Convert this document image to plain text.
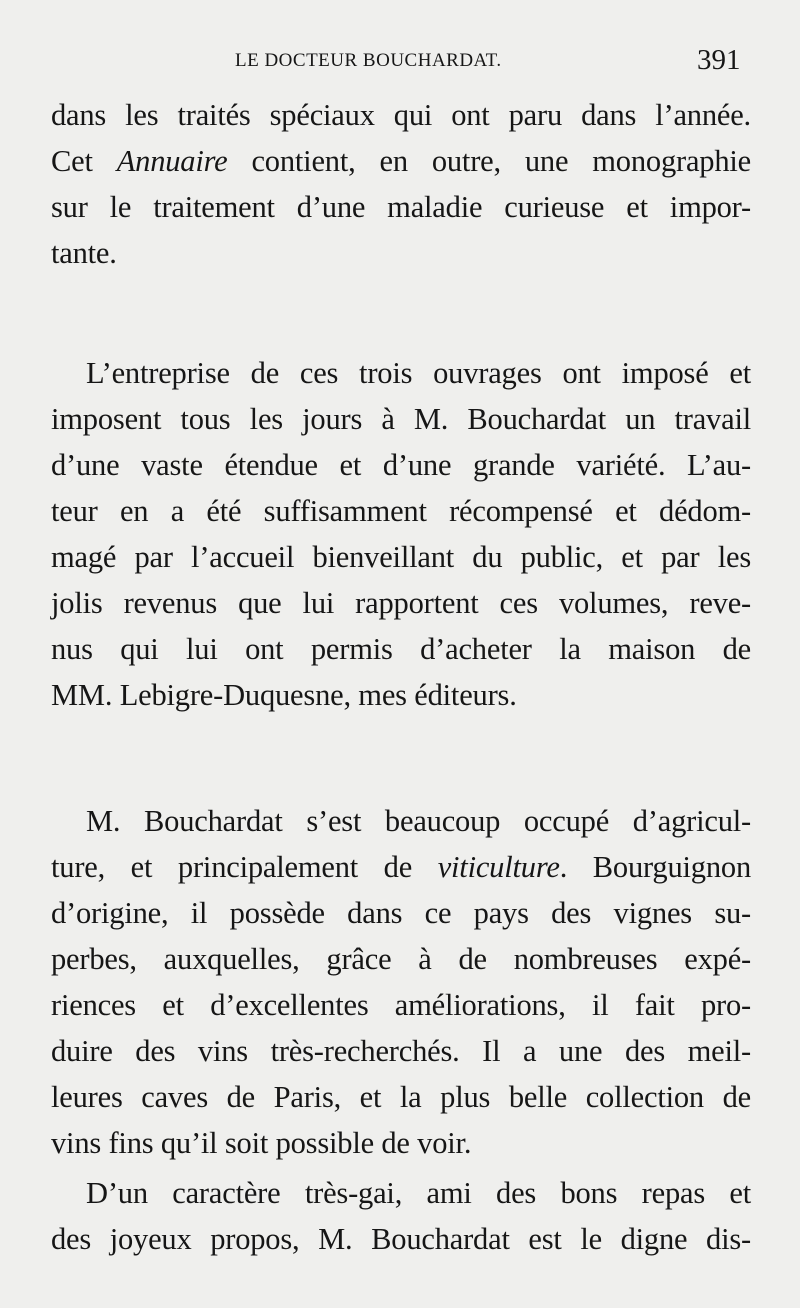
LE DOCTEUR BOUCHARDAT.	391
dans les traités spéciaux qui ont paru dans l’année.
Cet Annuaire contient, en outre, une monographie
sur le traitement d’une maladie curieuse et impor-
tante.
L’entreprise de ces trois ouvrages ont imposé et
imposent tous les jours à M. Bouchardat un travail
d’une vaste étendue et d’une grande variété. L’au-
teur en a été suffisamment récompensé et dédom-
magé par l’accueil bienveillant du public, et par les
jolis revenus que lui rapportent ces volumes, reve-
nus qui lui ont permis d’acheter la maison de
MM. Lebigre-Duquesne, mes éditeurs.
M. Bouchardat s’est beaucoup occupé d’agricul-
ture, et principalement de viticulture. Bourguignon
d’origine, il possède dans ce pays des vignes su-
perbes, auxquelles, grâce à de nombreuses expé-
riences et d’excellentes améliorations, il fait pro-
duire des vins très-recherchés. Il a une des meil-
leures caves de Paris, et la plus belle collection de
vins fins qu’il soit possible de voir.
D’un caractère très-gai, ami des bons repas et
des joyeux propos, M. Bouchardat est le digne dis-
